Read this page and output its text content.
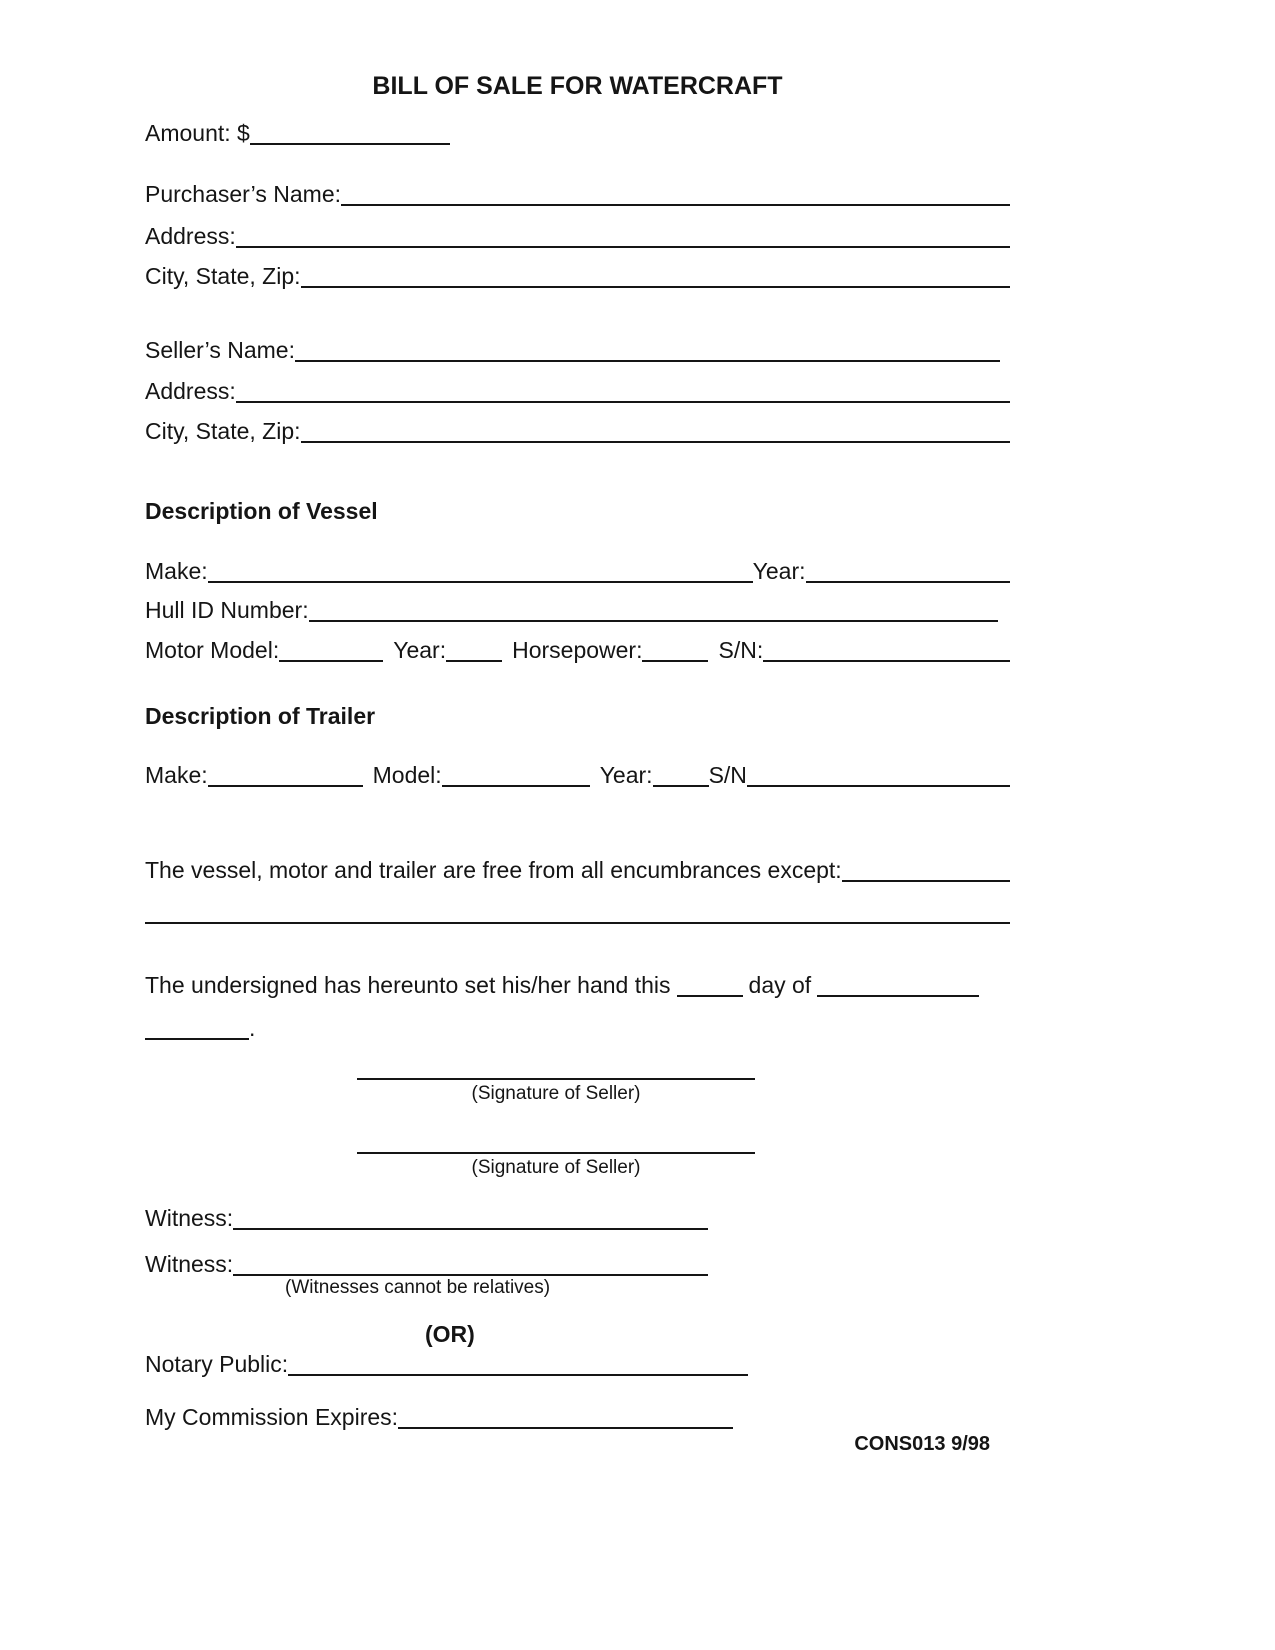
BILL OF SALE FOR WATERCRAFT
Amount: $
Purchaser’s Name:
Address:
City, State, Zip:
Seller’s Name:
Address:
City, State, Zip:
Description of Vessel
Make:	Year:
Hull ID Number:
Motor Model:	Year:	Horsepower:	S/N:
Description of Trailer
Make:	Model:	Year: S/N
The vessel, motor and trailer are free from all encumbrances except:
The undersigned has hereunto set his/her hand this	day of
.
(Signature of Seller)
(Signature of Seller)
Witness:
Witness:
(Witnesses cannot be relatives)
(OR)
Notary Public:
My Commission Expires:
CONS013 9/98
